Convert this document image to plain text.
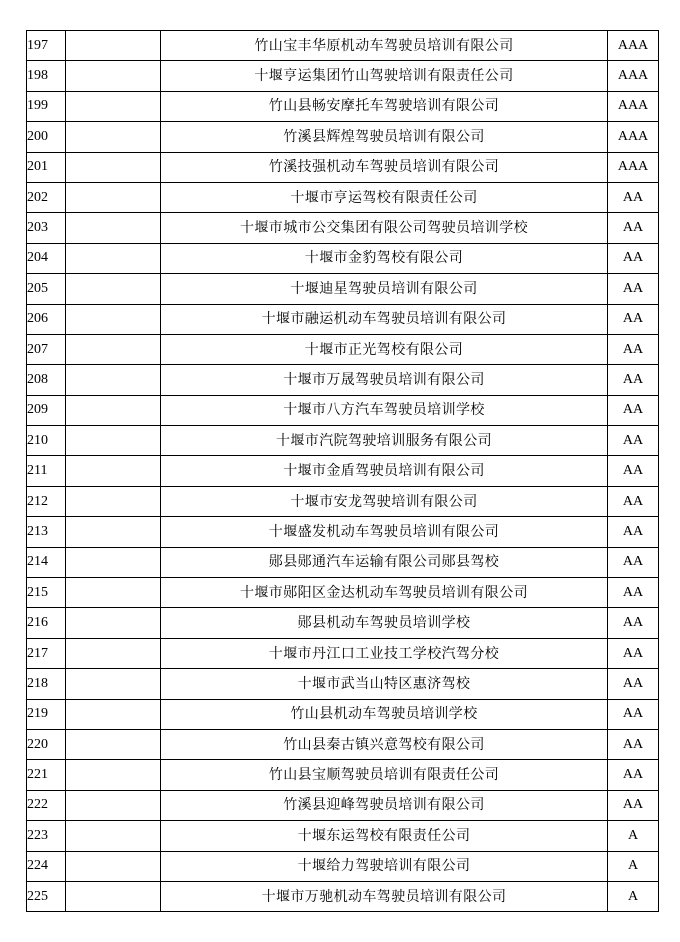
197		竹山宝丰华原机动车驾驶员培训有限公司	AAA
198		十堰亨运集团竹山驾驶培训有限责任公司	AAA
199		竹山县畅安摩托车驾驶培训有限公司	AAA
200		竹溪县辉煌驾驶员培训有限公司	AAA
201		竹溪技强机动车驾驶员培训有限公司	AAA
202		十堰市亨运驾校有限责任公司	AA
203		十堰市城市公交集团有限公司驾驶员培训学校	AA
204		十堰市金豹驾校有限公司	AA
205		十堰迪星驾驶员培训有限公司	AA
206		十堰市融运机动车驾驶员培训有限公司	AA
207		十堰市正光驾校有限公司	AA
208		十堰市万晟驾驶员培训有限公司	AA
209		十堰市八方汽车驾驶员培训学校	AA
210		十堰市汽院驾驶培训服务有限公司	AA
211		十堰市金盾驾驶员培训有限公司	AA
212		十堰市安龙驾驶培训有限公司	AA
213		十堰盛发机动车驾驶员培训有限公司	AA
214		郧县郧通汽车运输有限公司郧县驾校	AA
215		十堰市郧阳区金达机动车驾驶员培训有限公司	AA
216		郧县机动车驾驶员培训学校	AA
217		十堰市丹江口工业技工学校汽驾分校	AA
218		十堰市武当山特区惠济驾校	AA
219		竹山县机动车驾驶员培训学校	AA
220		竹山县秦古镇兴意驾校有限公司	AA
221		竹山县宝顺驾驶员培训有限责任公司	AA
222		竹溪县迎峰驾驶员培训有限公司	AA
223		十堰东运驾校有限责任公司	A
224		十堰给力驾驶培训有限公司	A
225		十堰市万驰机动车驾驶员培训有限公司	A
